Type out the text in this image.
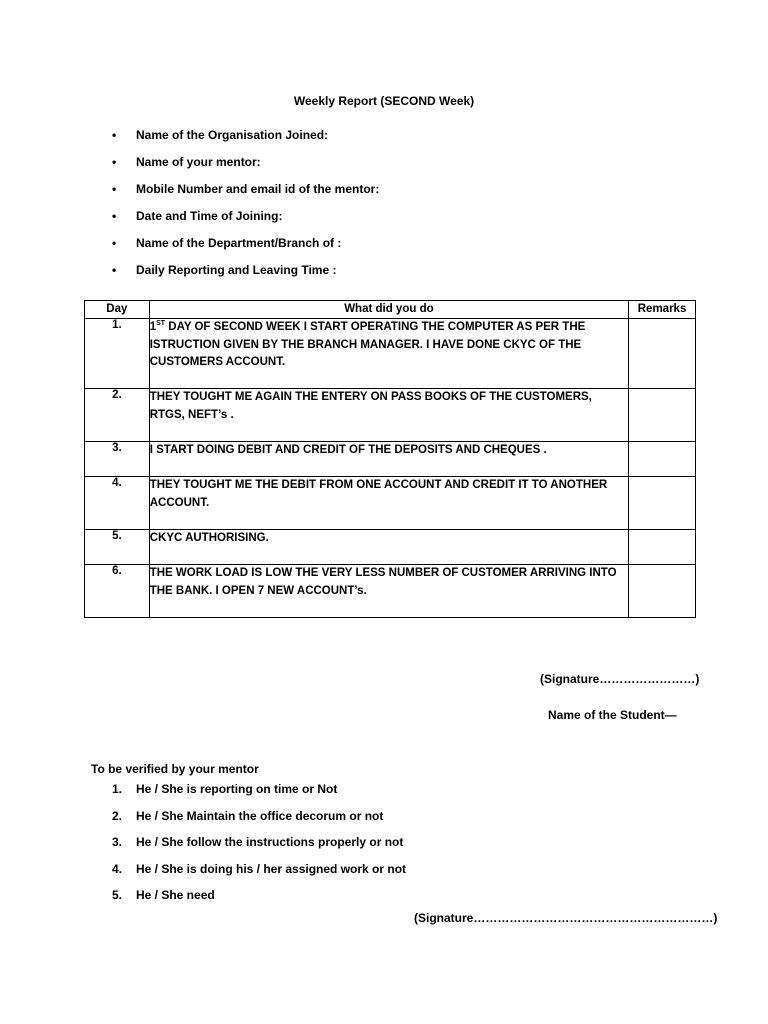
Weekly Report (SECOND Week)
• Name of the Organisation Joined:
• Name of your mentor:
• Mobile Number and email id of the mentor:
• Date and Time of Joining:
• Name of the Department/Branch of :
• Daily Reporting and Leaving Time :
Day	What did you do	Remarks
1.	1ST DAY OF SECOND WEEK I START OPERATING THE COMPUTER AS PER THE ISTRUCTION GIVEN BY THE BRANCH MANAGER. I HAVE DONE CKYC OF THE CUSTOMERS ACCOUNT.	
2.	THEY TOUGHT ME AGAIN THE ENTERY ON PASS BOOKS OF THE CUSTOMERS, RTGS, NEFT’s .	
3.	I START DOING DEBIT AND CREDIT OF THE DEPOSITS AND CHEQUES .	
4.	THEY TOUGHT ME THE DEBIT FROM ONE ACCOUNT AND CREDIT IT TO ANOTHER ACCOUNT.	
5.	CKYC AUTHORISING.	
6.	THE WORK LOAD IS LOW THE VERY LESS NUMBER OF CUSTOMER ARRIVING INTO THE BANK. I OPEN 7 NEW ACCOUNT’s.	
(Signature……………………)
Name of the Student—
To be verified by your mentor
1. He / She is reporting on time or Not
2. He / She Maintain the office decorum or not
3. He / She follow the instructions properly or not
4. He / She is doing his / her assigned work or not
5. He / She need
(Signature……………………………………………………)
